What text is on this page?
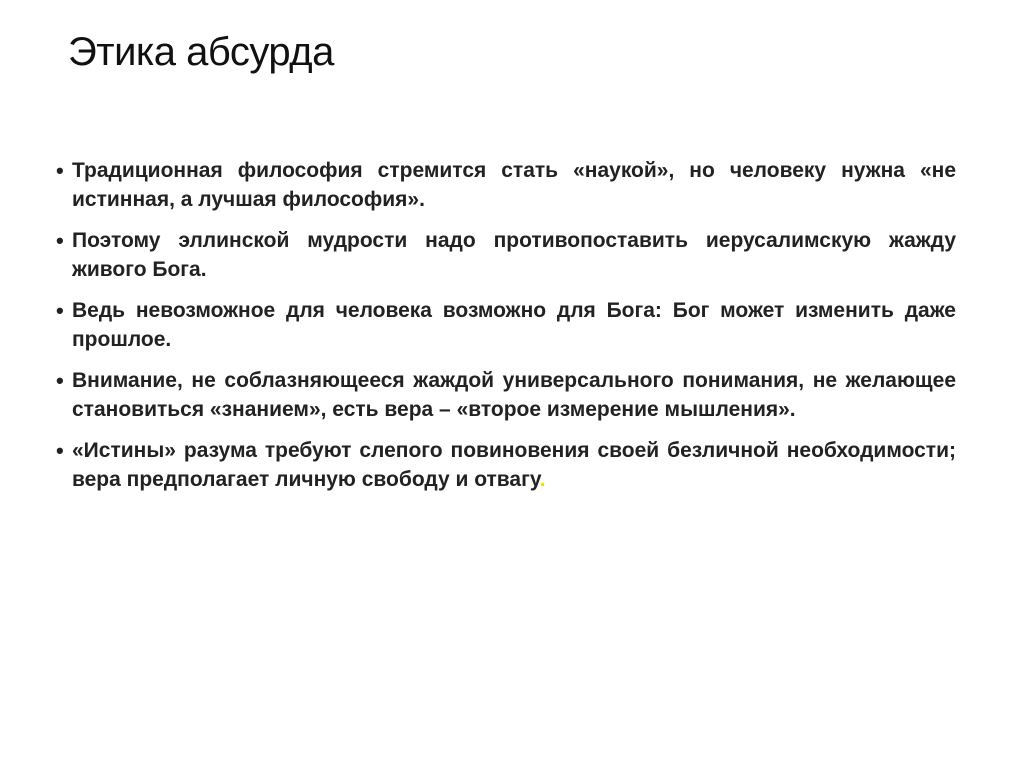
Этика абсурда
• Традиционная философия стремится стать «наукой», но человеку нужна «не истинная, а лучшая философия».
• Поэтому эллинской мудрости надо противопоставить иерусалимскую жажду живого Бога.
• Ведь невозможное для человека возможно для Бога: Бог может изменить даже прошлое.
• Внимание, не соблазняющееся жаждой универсального понимания, не желающее становиться «знанием», есть вера – «второе измерение мышления».
• «Истины» разума требуют слепого повиновения своей безличной необходимости; вера предполагает личную свободу и отвагу.
